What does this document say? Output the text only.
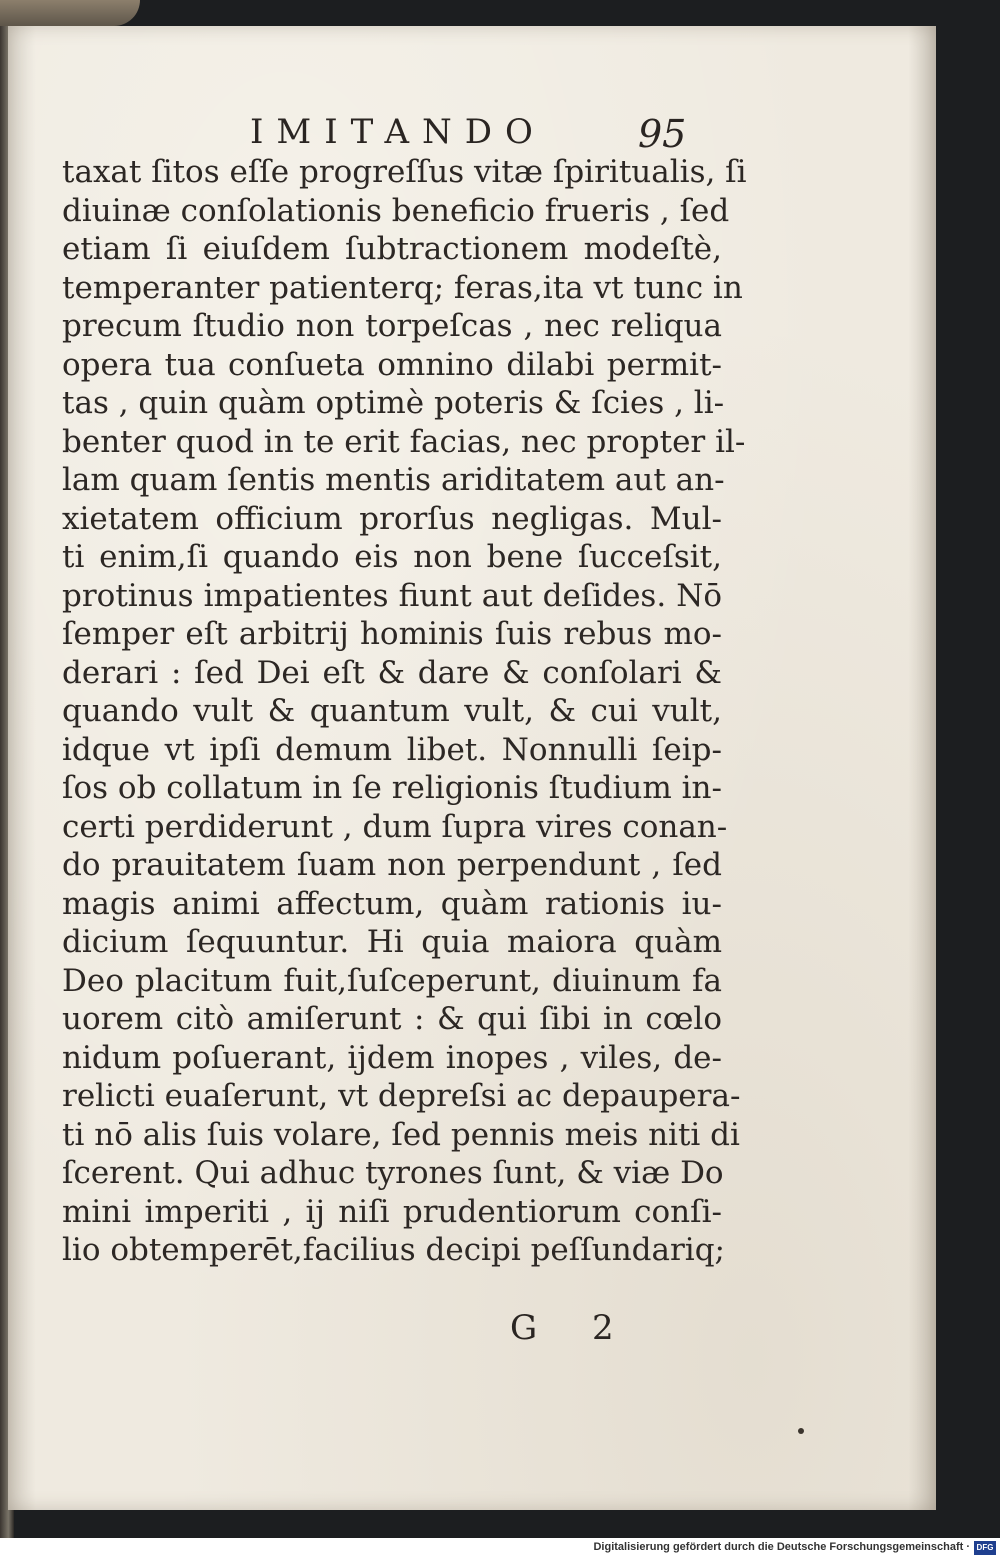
IMITANDO 95
taxat ſitos eſſe progreſſus vitæ ſpiritualis, ſi
diuinæ conſolationis beneficio frueris , ſed
etiam ſi eiuſdem ſubtractionem modeſtè,
temperanter patienterq; feras,ita vt tunc in
precum ſtudio non torpeſcas , nec reliqua
opera tua conſueta omnino dilabi permit-
tas , quin quàm optimè poteris & ſcies , li-
benter quod in te erit facias, nec propter il-
lam quam ſentis mentis ariditatem aut an-
xietatem officium prorſus negligas. Mul-
ti enim,ſi quando eis non bene ſucceſsit,
protinus impatientes fiunt aut deſides. Nō
ſemper eſt arbitrij hominis ſuis rebus mo-
derari : ſed Dei eſt & dare & conſolari &
quando vult & quantum vult, & cui vult,
idque vt ipſi demum libet. Nonnulli ſeip-
ſos ob collatum in ſe religionis ſtudium in-
certi perdiderunt , dum ſupra vires conan-
do prauitatem ſuam non perpendunt , ſed
magis animi affectum, quàm rationis iu-
dicium ſequuntur. Hi quia maiora quàm
Deo placitum fuit,ſuſceperunt, diuinum fa
uorem citò amiſerunt : & qui ſibi in cœlo
nidum poſuerant, ijdem inopes , viles, de-
relicti euaſerunt, vt depreſsi ac depaupera-
ti nō alis ſuis volare, ſed pennis meis niti di
ſcerent. Qui adhuc tyrones ſunt, & viæ Do
mini imperiti , ij niſi prudentiorum conſi-
lio obtemperēt,facilius decipi peſſundariq;
G 2
Digitalisierung gefördert durch die Deutsche Forschungsgemeinschaft · DFG
